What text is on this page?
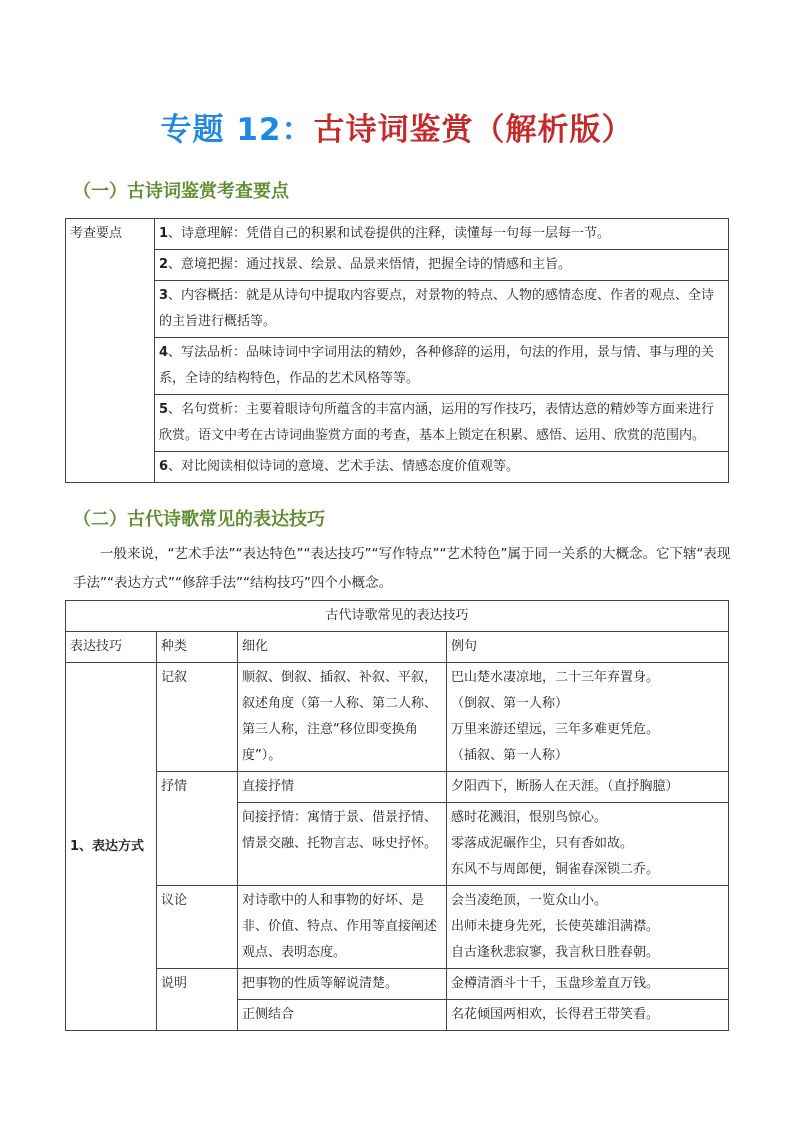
专题 12：古诗词鉴赏（解析版）
（一）古诗词鉴赏考查要点
考查要点	1、诗意理解：凭借自己的积累和试卷提供的注释，读懂每一句每一层每一节。
2、意境把握：通过找景、绘景、品景来悟情，把握全诗的情感和主旨。
3、内容概括：就是从诗句中提取内容要点，对景物的特点、人物的感情态度、作者的观点、全诗的主旨进行概括等。
4、写法品析：品味诗词中字词用法的精妙，各种修辞的运用，句法的作用，景与情、事与理的关系，全诗的结构特色，作品的艺术风格等等。
5、名句赏析：主要着眼诗句所蕴含的丰富内涵，运用的写作技巧，表情达意的精妙等方面来进行欣赏。语文中考在古诗词曲鉴赏方面的考查，基本上锁定在积累、感悟、运用、欣赏的范围内。
6、对比阅读相似诗词的意境、艺术手法、情感态度价值观等。
（二）古代诗歌常见的表达技巧
一般来说，“艺术手法”“表达特色”“表达技巧”“写作特点”“艺术特色”属于同一关系的大概念。它下辖“表现手法”“表达方式”“修辞手法”“结构技巧”四个小概念。
古代诗歌常见的表达技巧			
表达技巧	种类	细化	例句
1、表达方式	记叙	顺叙、倒叙、插叙、补叙、平叙，叙述角度（第一人称、第二人称、第三人称，注意“移位即变换角度”）。	巴山楚水凄凉地，二十三年弃置身。
（倒叙、第一人称）
万里来游还望远，三年多难更凭危。
（插叙、第一人称）

	抒情	直接抒情	夕阳西下，断肠人在天涯。（直抒胸臆）

		间接抒情：寓情于景、借景抒情、情景交融、托物言志、咏史抒怀。	感时花溅泪，恨别鸟惊心。
零落成泥碾作尘，只有香如故。
东风不与周郎便，铜雀春深锁二乔。

	议论	对诗歌中的人和事物的好坏、是非、价值、特点、作用等直接阐述观点、表明态度。	会当凌绝顶，一览众山小。
出师未捷身先死，长使英雄泪满襟。
自古逢秋悲寂寥，我言秋日胜春朝。

	说明	把事物的性质等解说清楚。	金樽清酒斗十千，玉盘珍羞直万钱。

		正侧结合	名花倾国两相欢，长得君王带笑看。
